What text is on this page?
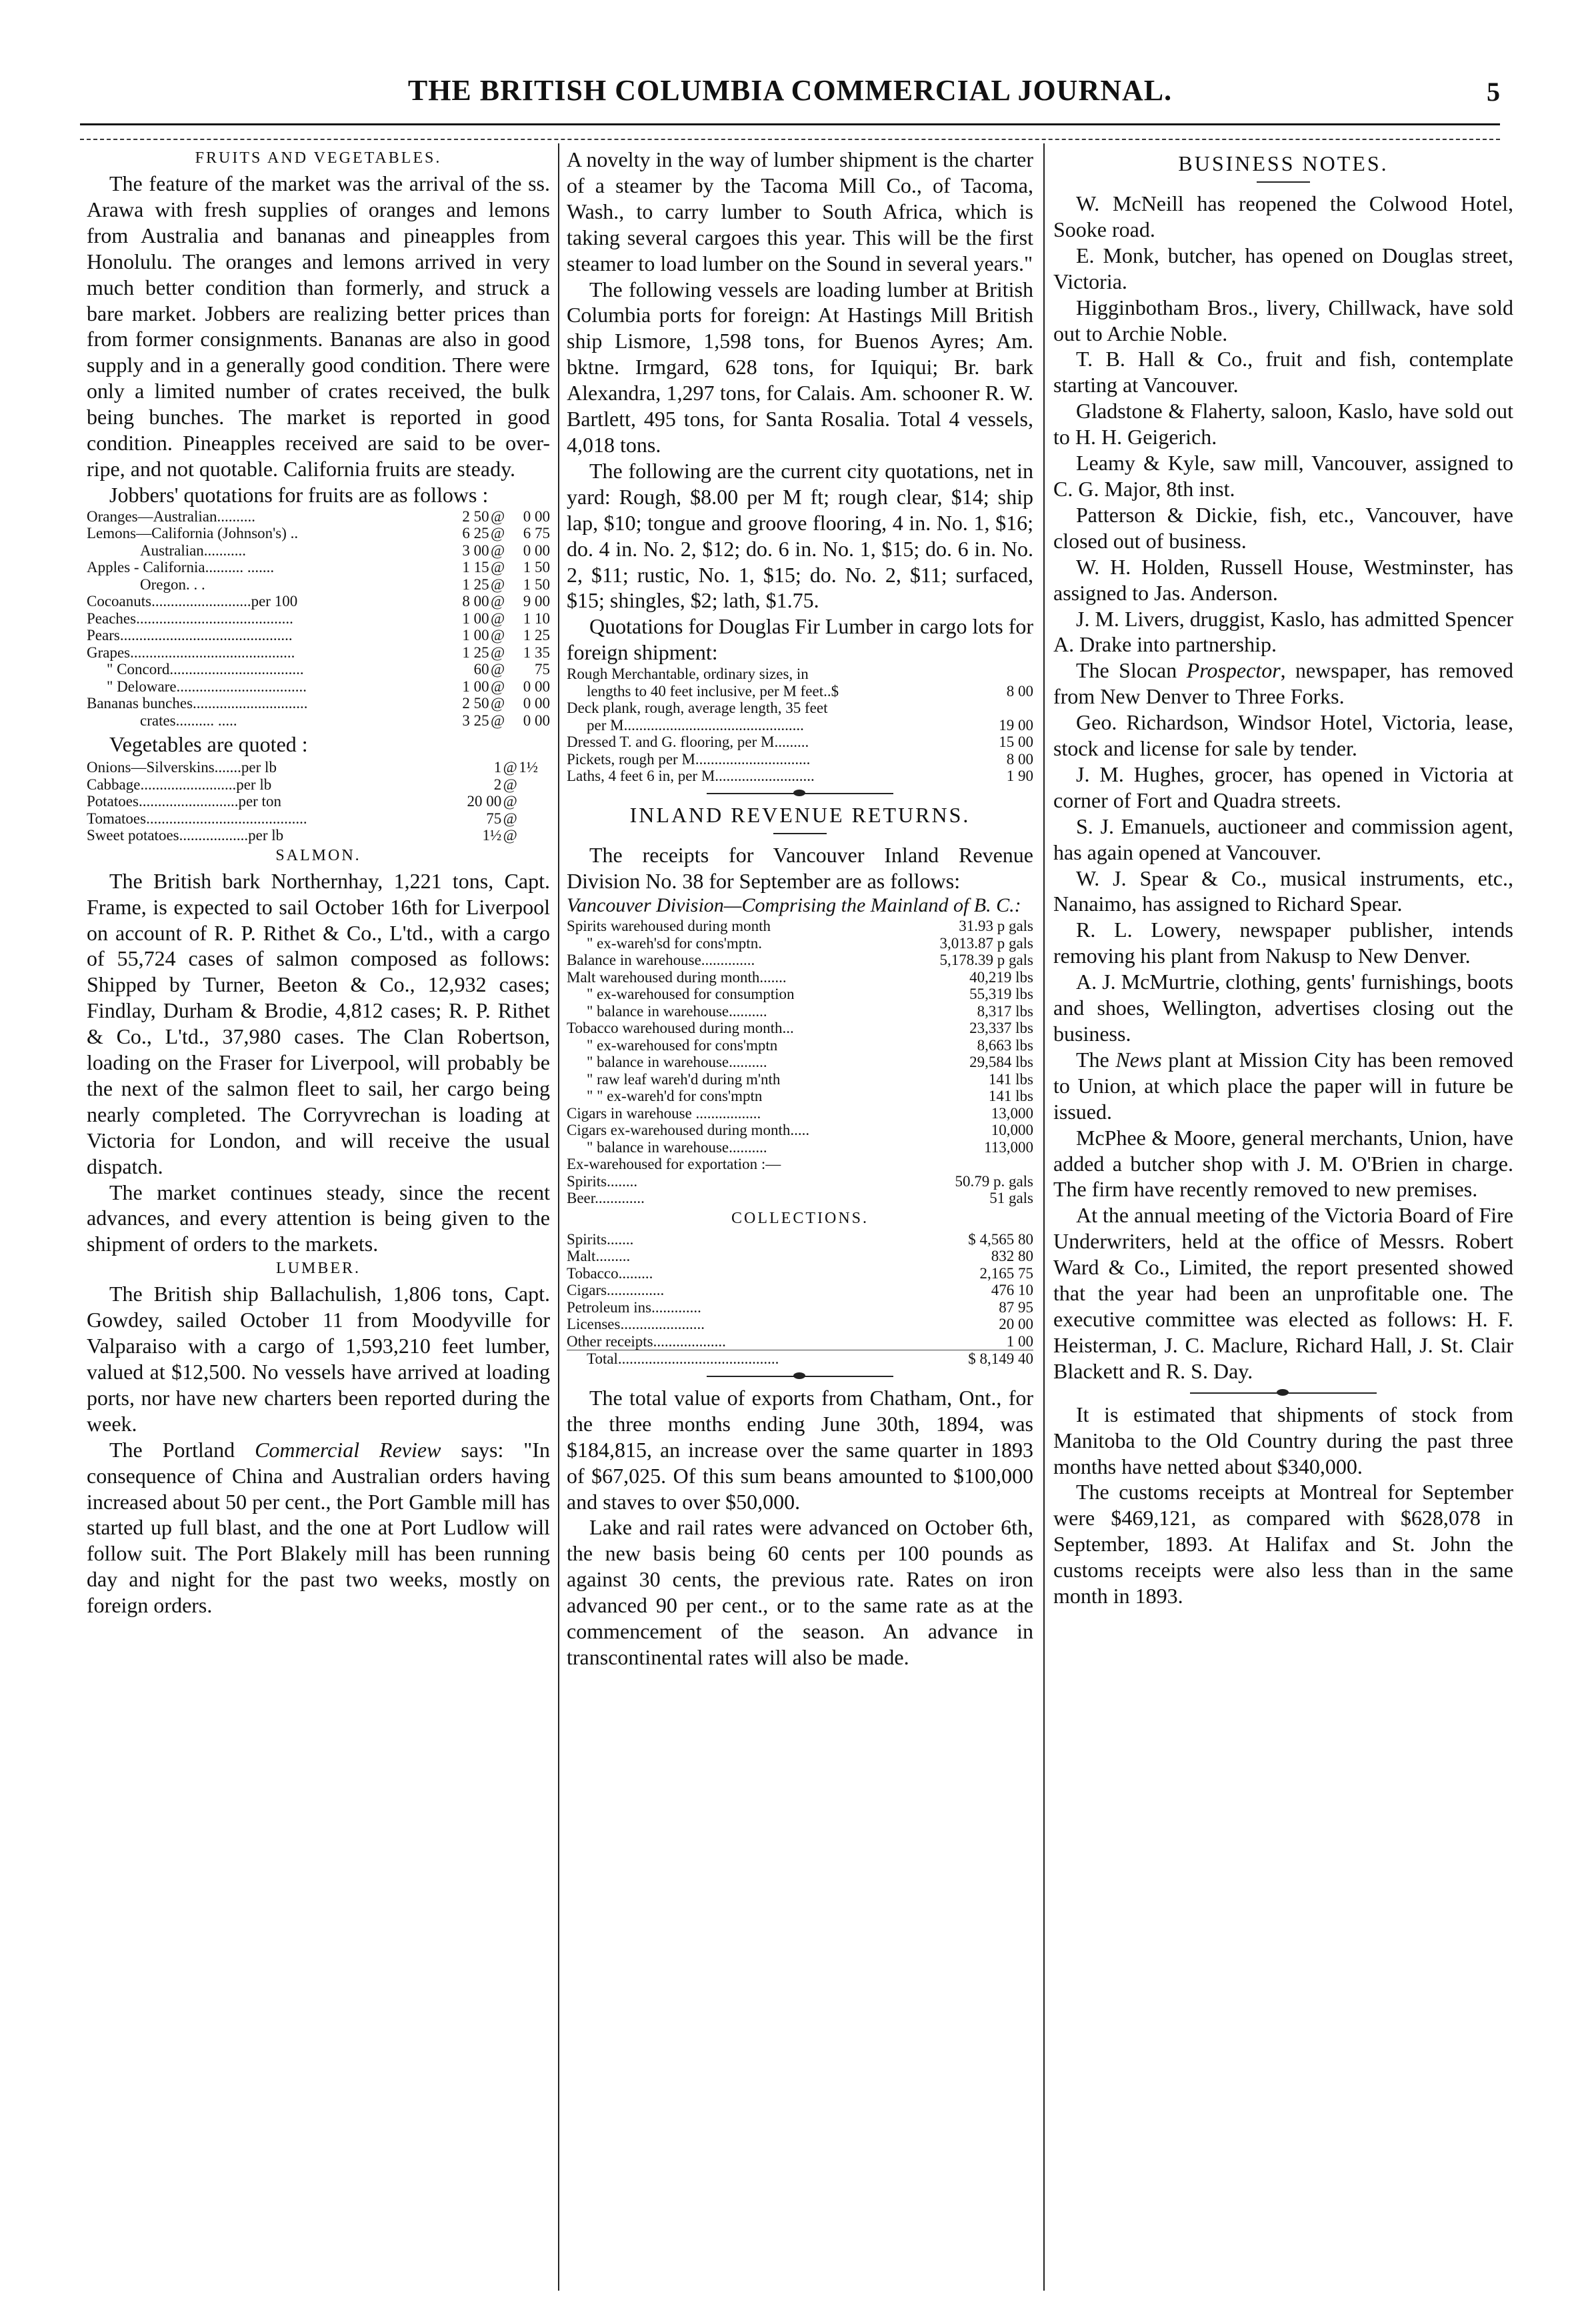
THE BRITISH COLUMBIA COMMERCIAL JOURNAL.	5
FRUITS AND VEGETABLES.

The feature of the market was the arrival of the ss. Arawa with fresh supplies of oranges and lemons from Australia and bananas and pineapples from Honolulu. The oranges and lemons arrived in very much better condition than formerly, and struck a bare market. Jobbers are realizing better prices than from former consignments. Bananas are also in good supply and in a generally good condition. There were only a limited number of crates received, the bulk being bunches. The market is reported in good condition. Pineapples received are said to be over-ripe, and not quotable. California fruits are steady.

Jobbers' quotations for fruits are as follows :

Oranges—Australian..........	2 50	@	0 00
Lemons—California (Johnson's) ..	6 25	@	6 75
Australian...........	3 00	@	0 00
Apples - California.......... .......	1 15	@	1 50
Oregon. . .	1 25	@	1 50
Cocoanuts..........................per 100	8 00	@	9 00
Peaches.........................................	1 00	@	1 10
Pears.............................................	1 00	@	1 25
Grapes...........................................	1 25	@	1 35
" Concord...................................	60	@	75
" Deloware..................................	1 00	@	0 00
Bananas bunches..............................	2 50	@	0 00
crates.......... .....	3 25	@	0 00

Vegetables are quoted :

Onions—Silverskins.......per lb	1	@	1½
Cabbage.........................per lb	2	@	
Potatoes..........................per ton	20 00	@	
Tomatoes..........................................	75	@	
Sweet potatoes..................per lb	1½	@	
SALMON.

The British bark Northernhay, 1,221 tons, Capt. Frame, is expected to sail October 16th for Liverpool on account of R. P. Rithet & Co., L'td., with a cargo of 55,724 cases of salmon composed as follows: Shipped by Turner, Beeton & Co., 12,932 cases; Findlay, Durham & Brodie, 4,812 cases; R. P. Rithet & Co., L'td., 37,980 cases. The Clan Robertson, loading on the Fraser for Liverpool, will probably be the next of the salmon fleet to sail, her cargo being nearly completed. The Corryvrechan is loading at Victoria for London, and will receive the usual dispatch.

The market continues steady, since the recent advances, and every attention is being given to the shipment of orders to the markets.

LUMBER.

The British ship Ballachulish, 1,806 tons, Capt. Gowdey, sailed October 11 from Moodyville for Valparaiso with a cargo of 1,593,210 feet lumber, valued at $12,500. No vessels have arrived at loading ports, nor have new charters been reported during the week.

The Portland Commercial Review says: "In consequence of China and Australian orders having increased about 50 per cent., the Port Gamble mill has started up full blast, and the one at Port Ludlow will follow suit. The Port Blakely mill has been running day and night for the past two weeks, mostly on foreign orders.

A novelty in the way of lumber shipment is the charter of a steamer by the Tacoma Mill Co., of Tacoma, Wash., to carry lumber to South Africa, which is taking several cargoes this year. This will be the first steamer to load lumber on the Sound in several years."

The following vessels are loading lumber at British Columbia ports for foreign: At Hastings Mill British ship Lismore, 1,598 tons, for Buenos Ayres; Am. bktne. Irmgard, 628 tons, for Iquiqui; Br. bark Alexandra, 1,297 tons, for Calais. Am. schooner R. W. Bartlett, 495 tons, for Santa Rosalia. Total 4 vessels, 4,018 tons.

The following are the current city quotations, net in yard: Rough, $8.00 per M ft; rough clear, $14; ship lap, $10; tongue and groove flooring, 4 in. No. 1, $16; do. 4 in. No. 2, $12; do. 6 in. No. 1, $15; do. 6 in. No. 2, $11; rustic, No. 1, $15; do. No. 2, $11; surfaced, $15; shingles, $2; lath, $1.75.

Quotations for Douglas Fir Lumber in cargo lots for foreign shipment:

Rough Merchantable, ordinary sizes, in	
lengths to 40 feet inclusive, per M feet..$	8 00
Deck plank, rough, average length, 35 feet	
per M...............................................	19 00
Dressed T. and G. flooring, per M.........	15 00
Pickets, rough per M..............................	8 00
Laths, 4 feet 6 in, per M..........................	1 90
INLAND REVENUE RETURNS.

The receipts for Vancouver Inland Revenue Division No. 38 for September are as follows:

Vancouver Division—Comprising the Mainland of B. C.:

Spirits warehoused during month	31.93 p gals
" ex-wareh'sd for cons'mptn.	3,013.87 p gals
Balance in warehouse..............	5,178.39 p gals
Malt warehoused during month.......	40,219 lbs
" ex-warehoused for consumption	55,319 lbs
" balance in warehouse..........	8,317 lbs
Tobacco warehoused during month...	23,337 lbs
" ex-warehoused for cons'mptn	8,663 lbs
" balance in warehouse..........	29,584 lbs
" raw leaf wareh'd during m'nth	141 lbs
" " ex-wareh'd for cons'mptn	141 lbs
Cigars in warehouse .................	13,000
Cigars ex-warehoused during month.....	10,000
" balance in warehouse..........	113,000
Ex-warehoused for exportation :—	
Spirits........	50.79 p. gals
Beer.............	51 gals
COLLECTIONS.
Spirits.......	$ 4,565 80
Malt.........	832 80
Tobacco.........	2,165 75
Cigars...............	476 10
Petroleum ins.............	87 95
Licenses......................	20 00
Other receipts...................	1 00
Total..........................................	$ 8,149 40

The total value of exports from Chatham, Ont., for the three months ending June 30th, 1894, was $184,815, an increase over the same quarter in 1893 of $67,025. Of this sum beans amounted to $100,000 and staves to over $50,000.

Lake and rail rates were advanced on October 6th, the new basis being 60 cents per 100 pounds as against 30 cents, the previous rate. Rates on iron advanced 90 per cent., or to the same rate as at the commencement of the season. An advance in transcontinental rates will also be made.

BUSINESS NOTES.

W. McNeill has reopened the Colwood Hotel, Sooke road.

E. Monk, butcher, has opened on Douglas street, Victoria.

Higginbotham Bros., livery, Chillwack, have sold out to Archie Noble.

T. B. Hall & Co., fruit and fish, contemplate starting at Vancouver.

Gladstone & Flaherty, saloon, Kaslo, have sold out to H. H. Geigerich.

Leamy & Kyle, saw mill, Vancouver, assigned to C. G. Major, 8th inst.

Patterson & Dickie, fish, etc., Vancouver, have closed out of business.

W. H. Holden, Russell House, Westminster, has assigned to Jas. Anderson.

J. M. Livers, druggist, Kaslo, has admitted Spencer A. Drake into partnership.

The Slocan Prospector, newspaper, has removed from New Denver to Three Forks.

Geo. Richardson, Windsor Hotel, Victoria, lease, stock and license for sale by tender.

J. M. Hughes, grocer, has opened in Victoria at corner of Fort and Quadra streets.

S. J. Emanuels, auctioneer and commission agent, has again opened at Vancouver.

W. J. Spear & Co., musical instruments, etc., Nanaimo, has assigned to Richard Spear.

R. L. Lowery, newspaper publisher, intends removing his plant from Nakusp to New Denver.

A. J. McMurtrie, clothing, gents' furnishings, boots and shoes, Wellington, advertises closing out the business.

The News plant at Mission City has been removed to Union, at which place the paper will in future be issued.

McPhee & Moore, general merchants, Union, have added a butcher shop with J. M. O'Brien in charge. The firm have recently removed to new premises.

At the annual meeting of the Victoria Board of Fire Underwriters, held at the office of Messrs. Robert Ward & Co., Limited, the report presented showed that the year had been an unprofitable one. The executive committee was elected as follows: H. F. Heisterman, J. C. Maclure, Richard Hall, J. St. Clair Blackett and R. S. Day.

It is estimated that shipments of stock from Manitoba to the Old Country during the past three months have netted about $340,000.

The customs receipts at Montreal for September were $469,121, as compared with $628,078 in September, 1893. At Halifax and St. John the customs receipts were also less than in the same month in 1893.
